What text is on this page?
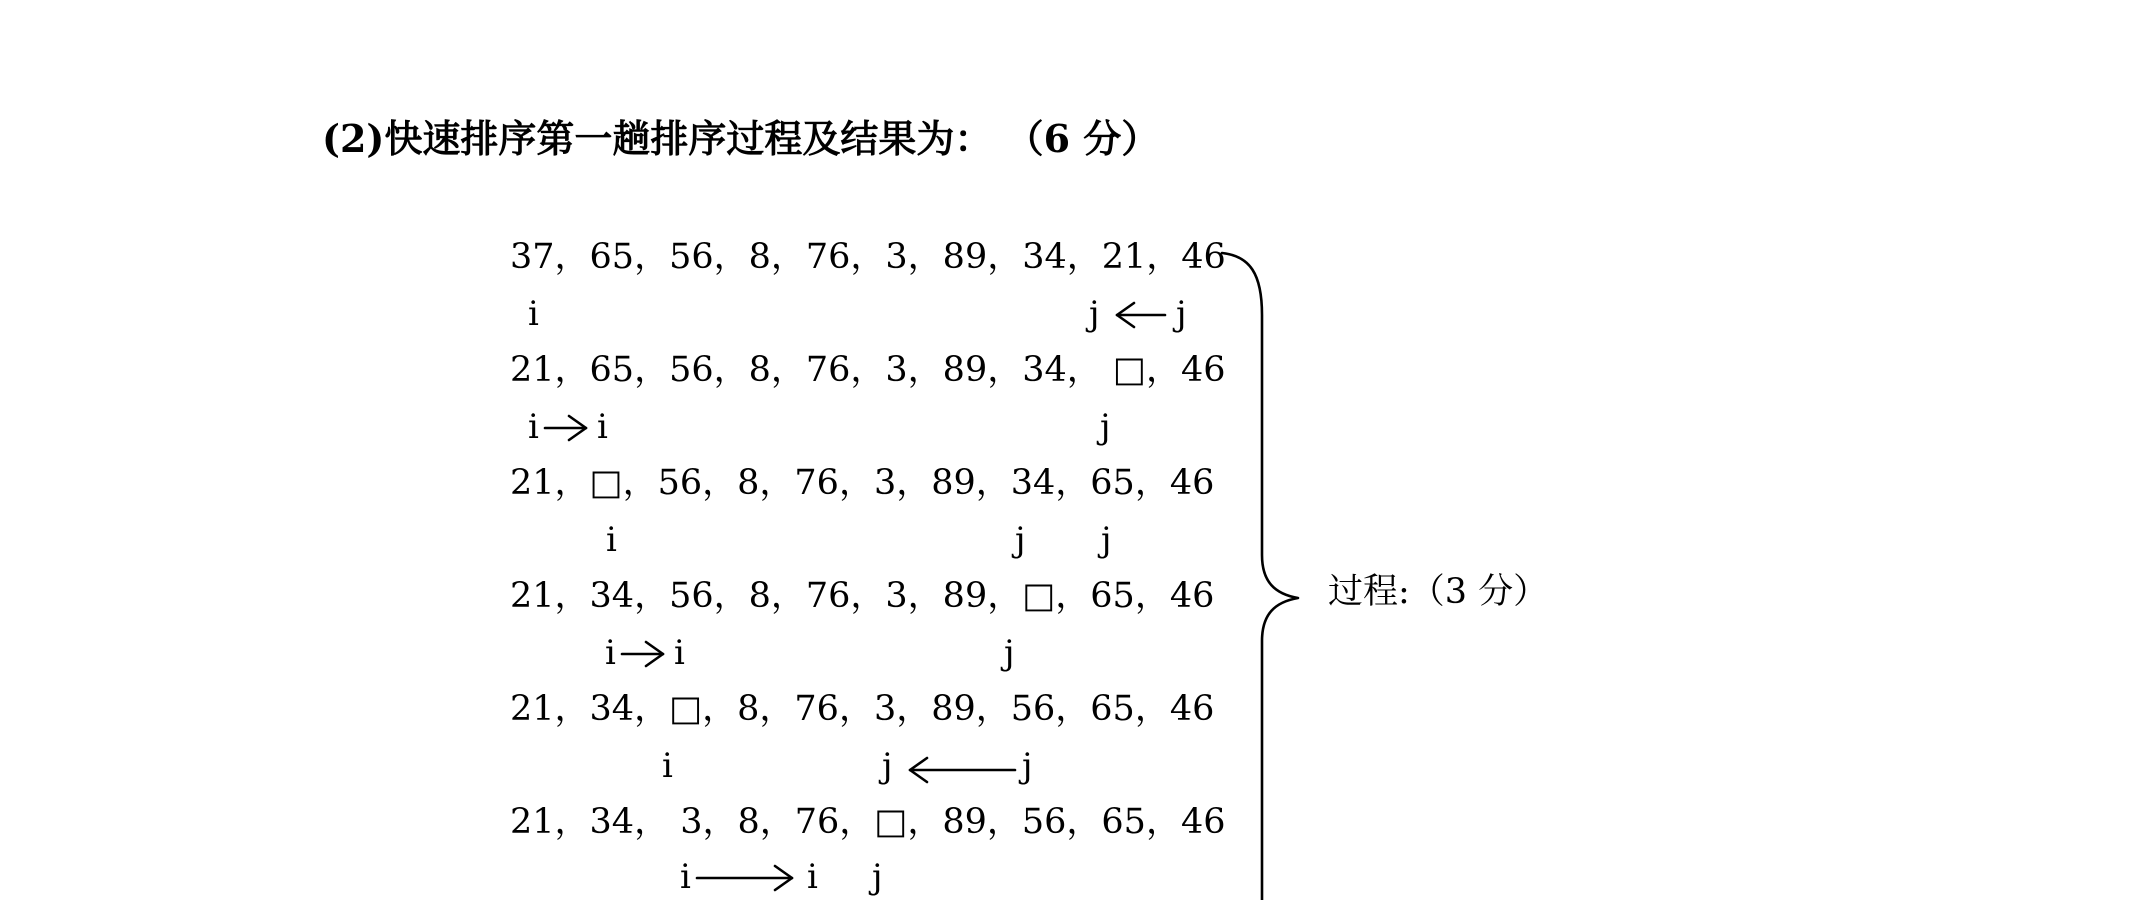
(2)快速排序第一趟排序过程及结果为： （6 分）
37，65，56，8，76，3，89，34，21，46
i	j j
21，65，56，8，76，3，89，34， □，46
i i	j
21，□，56，8，76，3，89，34，65，46
i	j j
21，34，56，8，76，3，89，□，65，46
i i	j
21，34，□，8，76，3，89，56，65，46
i	j	j
21，34， 3，8，76，□，89，56，65，46
i	i j
过程:（3 分）
